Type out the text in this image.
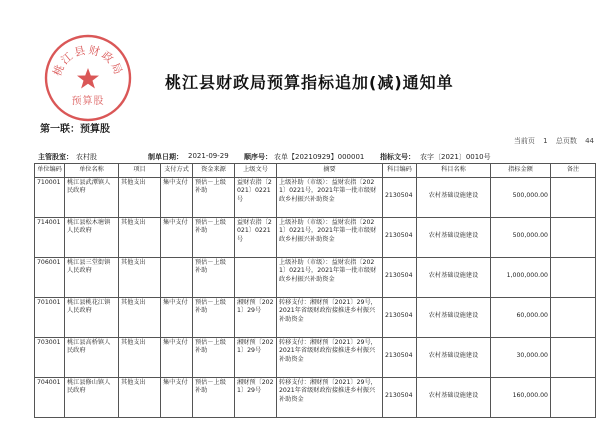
桃江县财政局
预算股
桃江县财政局预算指标追加(减)通知单
第一联：预算股
当前页 1 总页数 44
主管股室： 农村股	制单日期： 2021-09-29 顺序号： 农单【20210929】000001 指标文号： 农字〔2021〕0010号
单位编码	单位名称	项目	支付方式	资金来源	上级文号	摘要	科目编码	科目名称	指标金额	备注
710001	桃江县武潭镇人民政府	其他支出	集中支付	预估－上级补助	益财农指〔2021〕0221号	上级补助（市级）：益财农指〔2021〕0221号，2021年第一批市级财政乡村振兴补助资金	2130504	农村基础设施建设	500,000.00	
714001	桃江县松木塘镇人民政府	其他支出	集中支付	预估－上级补助	益财农指〔2021〕0221号	上级补助（市级）：益财农指〔2021〕0221号，2021年第一批市级财政乡村振兴补助资金	2130504	农村基础设施建设	500,000.00	
706001	桃江县三堂街镇人民政府	其他支出		预估－上级补助		上级补助（市级）：益财农指〔2021〕0221号，2021年第一批市级财政乡村振兴补助资金	2130504	农村基础设施建设	1,000,000.00	
701001	桃江县桃花江镇人民政府	其他支出	集中支付	预估－上级补助	湘财预〔2021〕29号	转移支付：湘财预〔2021〕29号，2021年省级财政衔接推进乡村振兴补助资金	2130504	农村基础设施建设	60,000.00	
703001	桃江县高桥镇人民政府	其他支出	集中支付	预估－上级补助	湘财预〔2021〕29号	转移支付：湘财预〔2021〕29号，2021年省级财政衔接推进乡村振兴补助资金	2130504	农村基础设施建设	30,000.00	
704001	桃江县修山镇人民政府	其他支出	集中支付	预估－上级补助	湘财预〔2021〕29号	转移支付：湘财预〔2021〕29号，2021年省级财政衔接推进乡村振兴补助资金	2130504	农村基础设施建设	160,000.00	
